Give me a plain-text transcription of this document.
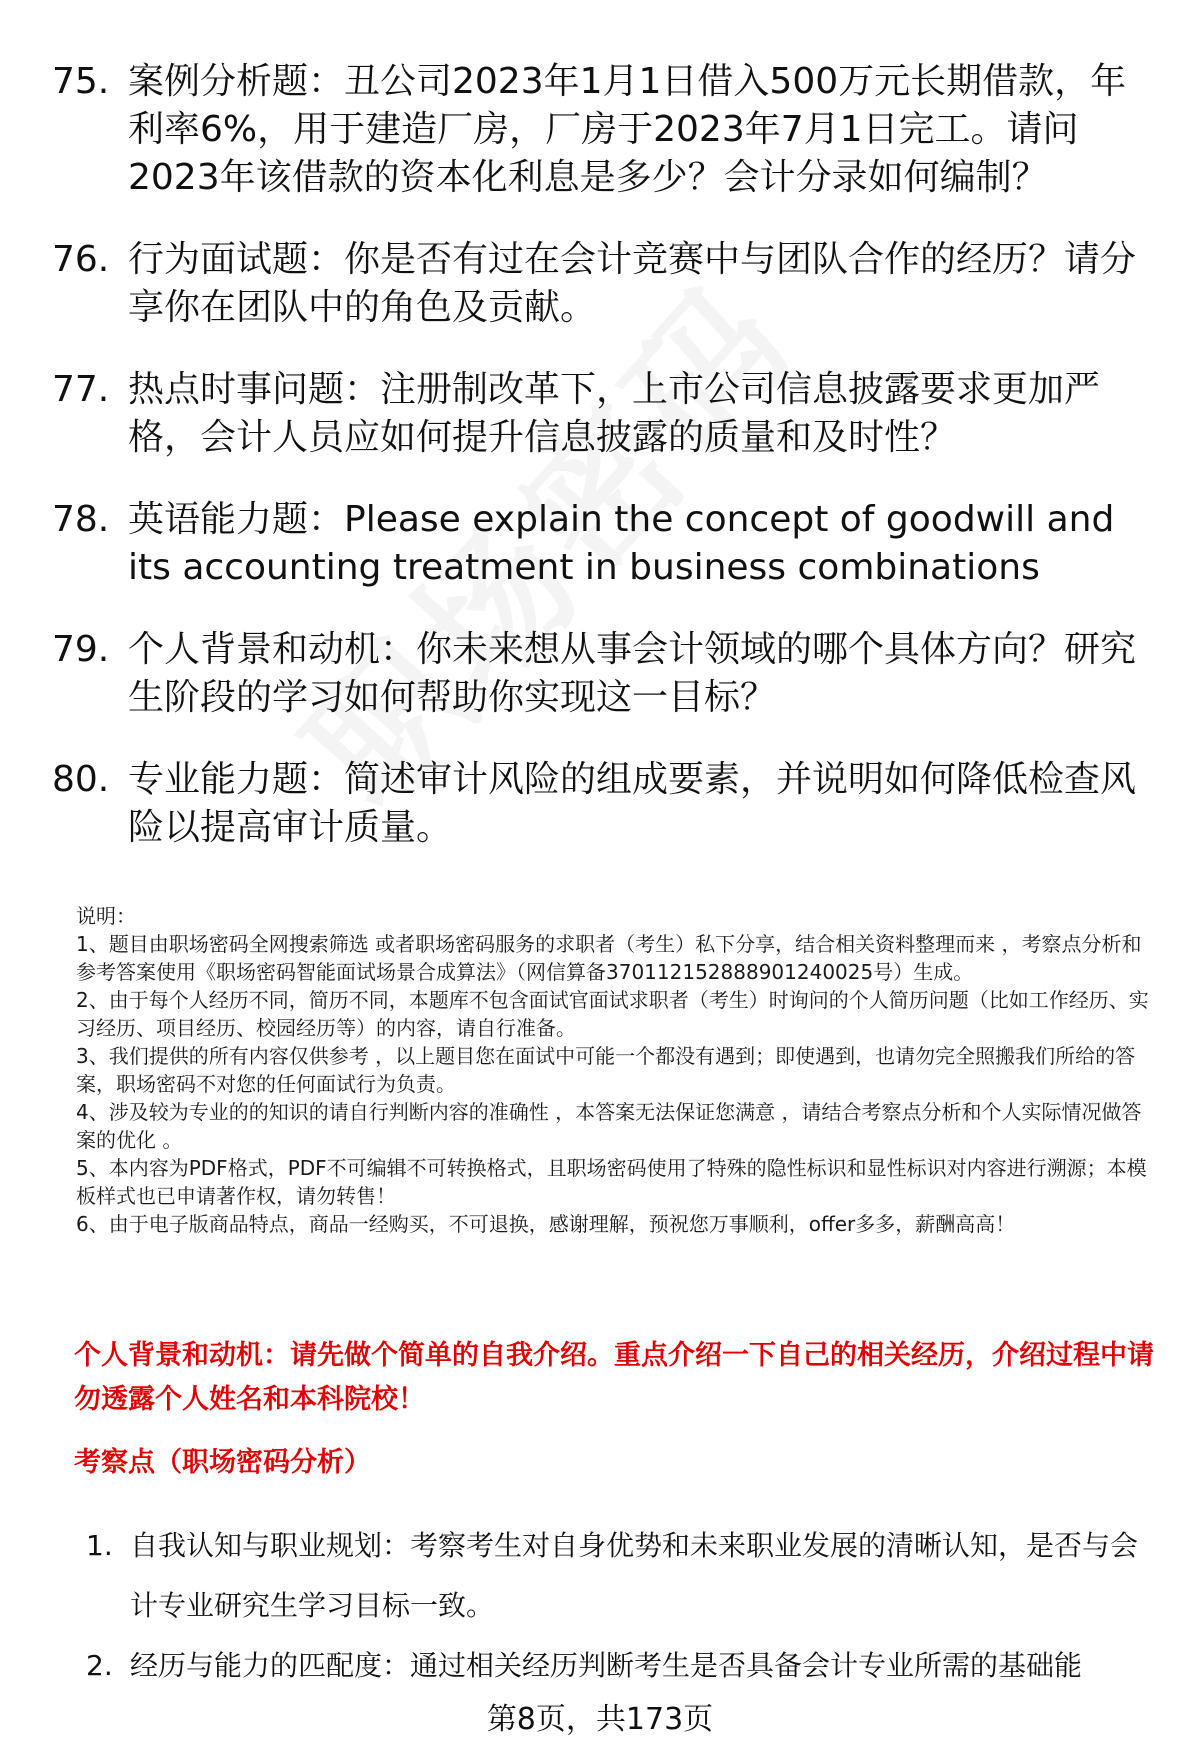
75. 案例分析题：丑公司2023年1月1日借入500万元长期借款，年利率6%，用于建造厂房，厂房于2023年7月1日完工。请问2023年该借款的资本化利息是多少？会计分录如何编制？
76. 行为面试题：你是否有过在会计竞赛中与团队合作的经历？请分享你在团队中的角色及贡献。
77. 热点时事问题：注册制改革下，上市公司信息披露要求更加严格，会计人员应如何提升信息披露的质量和及时性？
78. 英语能力题：Please explain the concept of goodwill and its accounting treatment in business combinations
79. 个人背景和动机：你未来想从事会计领域的哪个具体方向？研究生阶段的学习如何帮助你实现这一目标？
80. 专业能力题：简述审计风险的组成要素，并说明如何降低检查风险以提高审计质量。

说明：

1、题目由职场密码全网搜索筛选 或者职场密码服务的求职者（考生）私下分享，结合相关资料整理而来 ，考察点分析和参考答案使用《职场密码智能面试场景合成算法》（网信算备370112152888901240025号）生成。

2、由于每个人经历不同，简历不同，本题库不包含面试官面试求职者（考生）时询问的个人简历问题（比如工作经历、实习经历、项目经历、校园经历等）的内容，请自行准备。

3、我们提供的所有内容仅供参考 ，以上题目您在面试中可能一个都没有遇到；即使遇到，也请勿完全照搬我们所给的答案，职场密码不对您的任何面试行为负责。

4、涉及较为专业的的知识的请自行判断内容的准确性 ，本答案无法保证您满意 ，请结合考察点分析和个人实际情况做答案的优化 。

5、本内容为PDF格式，PDF不可编辑不可转换格式，且职场密码使用了特殊的隐性标识和显性标识对内容进行溯源；本模板样式也已申请著作权，请勿转售！

6、由于电子版商品特点，商品一经购买，不可退换，感谢理解，预祝您万事顺利，offer多多，薪酬高高！

个人背景和动机：请先做个简单的自我介绍。重点介绍一下自己的相关经历，介绍过程中请勿透露个人姓名和本科院校！
考察点（职场密码分析）
1. 自我认知与职业规划：考察考生对自身优势和未来职业发展的清晰认知，是否与会计专业研究生学习目标一致。
2. 经历与能力的匹配度：通过相关经历判断考生是否具备会计专业所需的基础能
第8页，共173页
